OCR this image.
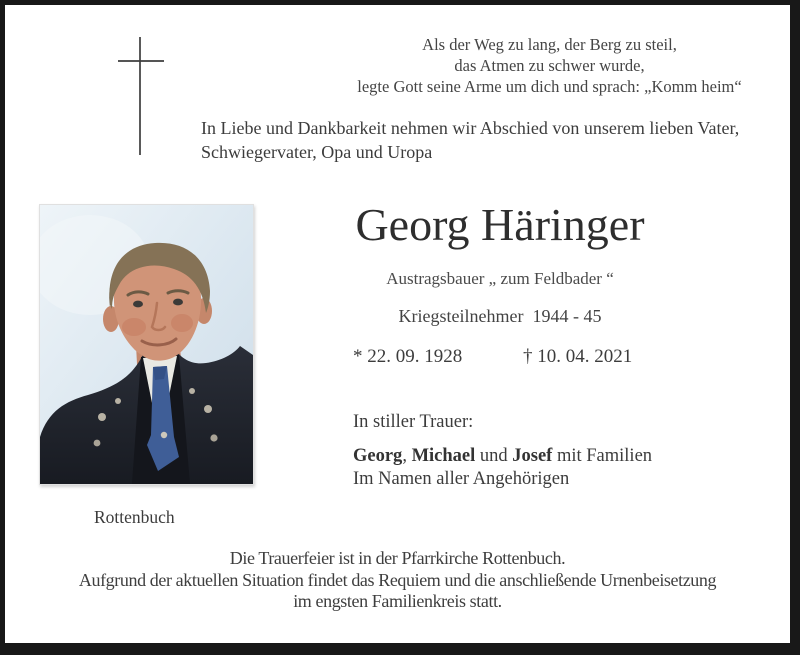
Als der Weg zu lang, der Berg zu steil,
das Atmen zu schwer wurde,
legte Gott seine Arme um dich und sprach: „Komm heim“
In Liebe und Dankbarkeit nehmen wir Abschied von unserem lieben Vater, Schwiegervater, Opa und Uropa
Georg Häringer
Austragsbauer „ zum Feldbader “
Kriegsteilnehmer  1944 - 45
* 22. 09. 1928	† 10. 04. 2021
In stiller Trauer:
Georg, Michael und Josef mit Familien
Im Namen aller Angehörigen
Rottenbuch
Die Trauerfeier ist in der Pfarrkirche Rottenbuch.
Aufgrund der aktuellen Situation findet das Requiem und die anschließende Urnenbeisetzung
im engsten Familienkreis statt.
